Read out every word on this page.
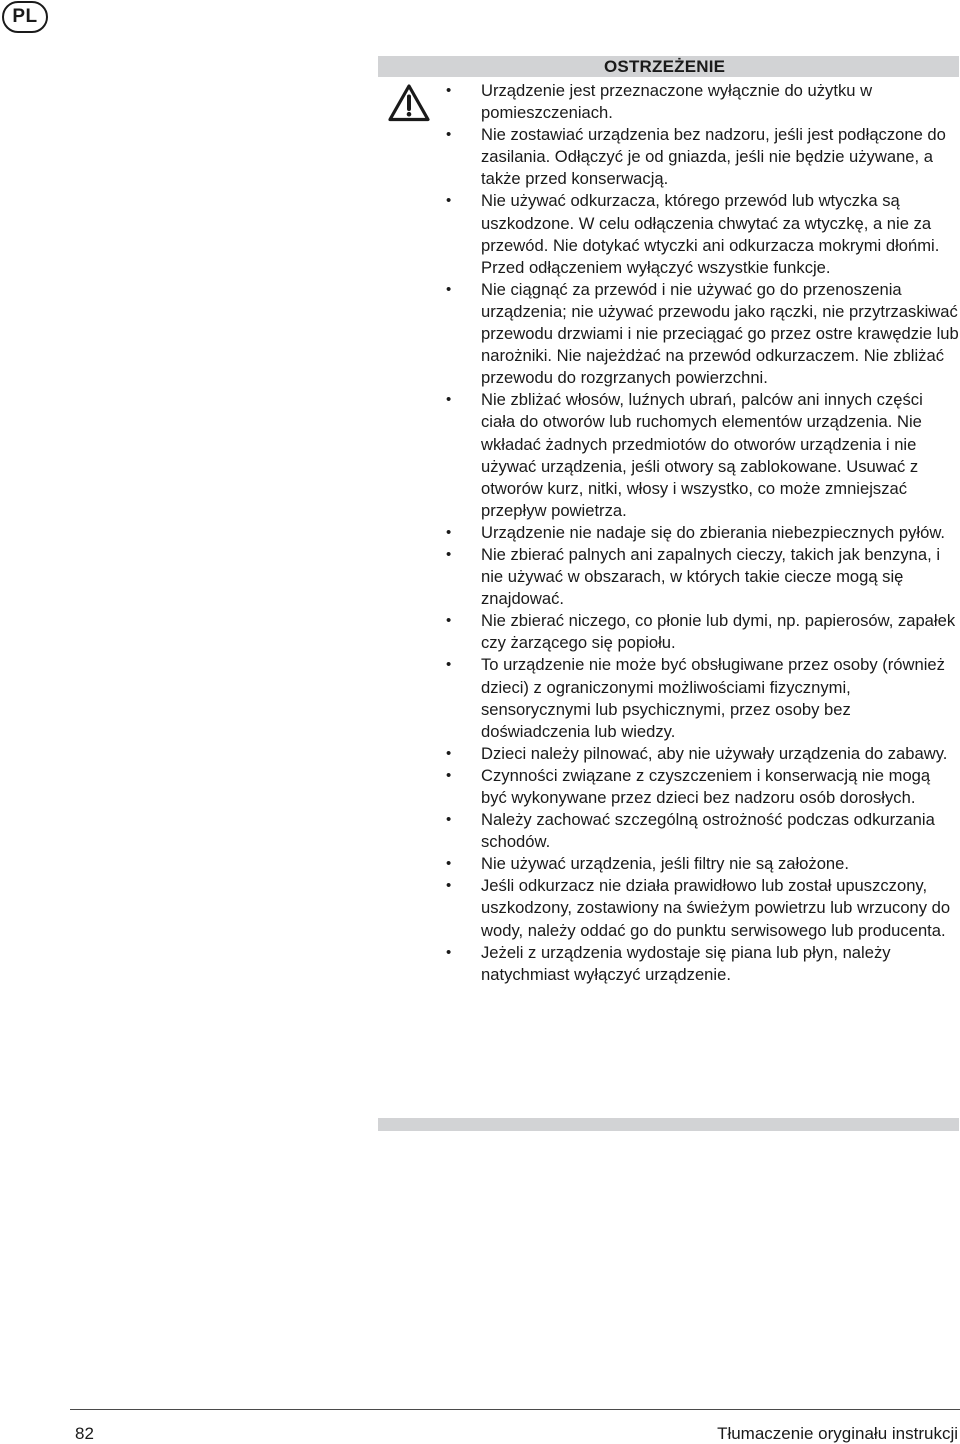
PL
OSTRZEŻENIE
• Urządzenie jest przeznaczone wyłącznie do użytku w pomieszczeniach.
• Nie zostawiać urządzenia bez nadzoru, jeśli jest podłączone do zasilania. Odłączyć je od gniazda, jeśli nie będzie używane, a także przed konserwacją.
• Nie używać odkurzacza, którego przewód lub wtyczka są uszkodzone. W celu odłączenia chwytać za wtyczkę, a nie za przewód. Nie dotykać wtyczki ani odkurzacza mokrymi dłońmi. Przed odłączeniem wyłączyć wszystkie funkcje.
• Nie ciągnąć za przewód i nie używać go do przenoszenia urządzenia; nie używać przewodu jako rączki, nie przytrzaskiwać przewodu drzwiami i nie przeciągać go przez ostre krawędzie lub narożniki. Nie najeżdżać na przewód odkurzaczem. Nie zbliżać przewodu do rozgrzanych powierzchni.
• Nie zbliżać włosów, luźnych ubrań, palców ani innych części ciała do otworów lub ruchomych elementów urządzenia. Nie wkładać żadnych przedmiotów do otworów urządzenia i nie używać urządzenia, jeśli otwory są zablokowane. Usuwać z otworów kurz, nitki, włosy i wszystko, co może zmniejszać przepływ powietrza.
• Urządzenie nie nadaje się do zbierania niebezpiecznych pyłów.
• Nie zbierać palnych ani zapalnych cieczy, takich jak benzyna, i nie używać w obszarach, w których takie ciecze mogą się znajdować.
• Nie zbierać niczego, co płonie lub dymi, np. papierosów, zapałek czy żarzącego się popiołu.
• To urządzenie nie może być obsługiwane przez osoby (również dzieci) z ograniczonymi możliwościami fizycznymi, sensorycznymi lub psychicznymi, przez osoby bez doświadczenia lub wiedzy.
• Dzieci należy pilnować, aby nie używały urządzenia do zabawy.
• Czynności związane z czyszczeniem i konserwacją nie mogą być wykonywane przez dzieci bez nadzoru osób dorosłych.
• Należy zachować szczególną ostrożność podczas odkurzania schodów.
• Nie używać urządzenia, jeśli filtry nie są założone.
• Jeśli odkurzacz nie działa prawidłowo lub został upuszczony, uszkodzony, zostawiony na świeżym powietrzu lub wrzucony do wody, należy oddać go do punktu serwisowego lub producenta.
• Jeżeli z urządzenia wydostaje się piana lub płyn, należy natychmiast wyłączyć urządzenie.
82	Tłumaczenie oryginału instrukcji
